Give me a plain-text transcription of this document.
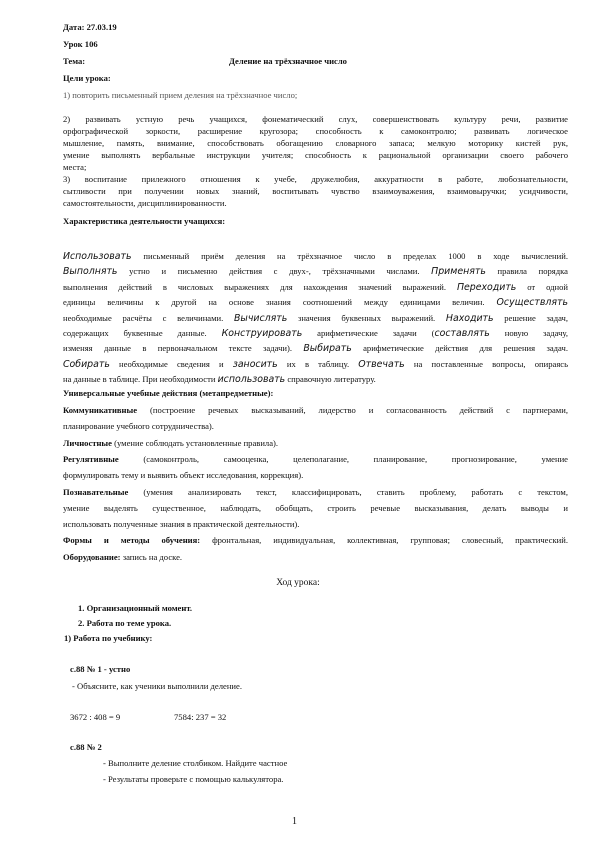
Дата: 27.03.19
Урок 106
Тема:	Деление на трёхзначное число
Цели урока:
1) повторить письменный прием деления на трёхзначное число;
2) развивать устную речь учащихся, фонематический слух, совершенствовать культуру речи, развитие
орфографической зоркости, расширение кругозора; способность к самоконтролю; развивать логическое
мышление, память, внимание, способствовать обогащению словарного запаса; мелкую моторику кистей рук,
умение выполнять вербальные инструкции учителя; способность к рациональной организации своего рабочего
места;
3) воспитание прилежного отношения к учебе, дружелюбия, аккуратности в работе, любознательности,
сытливости при получении новых знаний, воспитывать чувство взаимоуважения, взаимовыручки; усидчивости,
самостоятельности, дисциплинированности.
Характеристика деятельности учащихся:
Использовать письменный приём деления на трёхзначное число в пределах 1000 в ходе вычислений.
Выполнять устно и письменно действия с двух-, трёхзначными числами. Применять правила порядка
выполнения действий в числовых выражениях для нахождения значений выражений. Переходить от одной
единицы величины к другой на основе знания соотношений между единицами величин. Осуществлять
необходимые расчёты с величинами. Вычислять значения буквенных выражений. Находить решение задач,
содержащих буквенные данные. Конструировать арифметические задачи (составлять новую задачу,
изменяя данные в первоначальном тексте задачи). Выбирать арифметические действия для решения задач.
Собирать необходимые сведения и заносить их в таблицу. Отвечать на поставленные вопросы, опираясь
на данные в таблице. При необходимости использовать справочную литературу.
Универсальные учебные действия (метапредметные):
Коммуникативные (построение речевых высказываний, лидерство и согласованность действий с партнерами,
планирование учебного сотрудничества).
Личностные (умение соблюдать установленные правила).
Регулятивные (самоконтроль, самооценка, целеполагание, планирование, прогнозирование, умение
формулировать тему и выявить объект исследования, коррекция).
Познавательные (умения анализировать текст, классифицировать, ставить проблему, работать с текстом,
умение выделять существенное, наблюдать, обобщать, строить речевые высказывания, делать выводы и
использовать полученные знания в практической деятельности).
Формы и методы обучения: фронтальная, индивидуальная, коллективная, групповая; словесный, практический.
Оборудование: запись на доске.
Ход урока:
1. Организационный момент.
2. Работа по теме урока.
1) Работа по учебнику:
с.88 № 1 - устно
- Объясните, как ученики выполнили деление.
3672 : 408 = 9	7584: 237 = 32
с.88 № 2
- Выполните деление столбиком. Найдите частное
- Результаты проверьте с помощью калькулятора.
1
